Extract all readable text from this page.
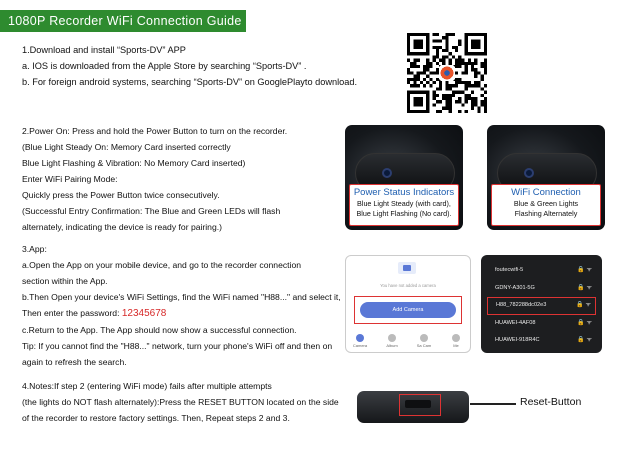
1080P Recorder WiFi Connection Guide
1.Download and install “Sports-DV” APP
a. IOS is downloaded from the Apple Store by searching “Sports-DV” .
b. For foreign android systems, searching “Sports-DV” on GooglePlayto download.
2.Power On: Press and hold the Power Button to turn on the recorder.
(Blue Light Steady On: Memory Card inserted correctly
Blue Light Flashing & Vibration: No Memory Card inserted)
Enter WiFi Pairing Mode:
Quickly press the Power Button twice consecutively.
(Successful Entry Confirmation: The Blue and Green LEDs will flash
alternately, indicating the device is ready for pairing.)
Power Status Indicators
Blue Light Steady (with card),
Blue Light Flashing (No card).
WiFi Connection
Blue & Green Lights
Flashing Alternately
3.App:
a.Open the App on your mobile device, and go to the recorder connection
section within the App.
b.Then Open your device's WiFi Settings, find the WiFi named "H88..." and select it,
Then enter the password: 12345678
c.Return to the App. The App should now show a successful connection.
Tip: If you cannot find the "H88..." network, turn your phone's WiFi off and then on
again to refresh the search.
You have not added a camera
Add Camera
Camera	Album	Sa Cam	Me
foutecwifi-5	🔒 ᯤ
GDNY-A301-5G	🔒 ᯤ
H88_782288dc02e3	🔒 ᯤ
HUAWEI-4AF08	🔒 ᯤ
HUAWEI-918R4C	🔒 ᯤ
4.Notes:If step 2 (entering WiFi mode) fails after multiple attempts
(the lights do NOT flash alternately):Press the RESET BUTTON located on the side
of the recorder to restore factory settings. Then, Repeat steps 2 and 3.
Reset-Button
